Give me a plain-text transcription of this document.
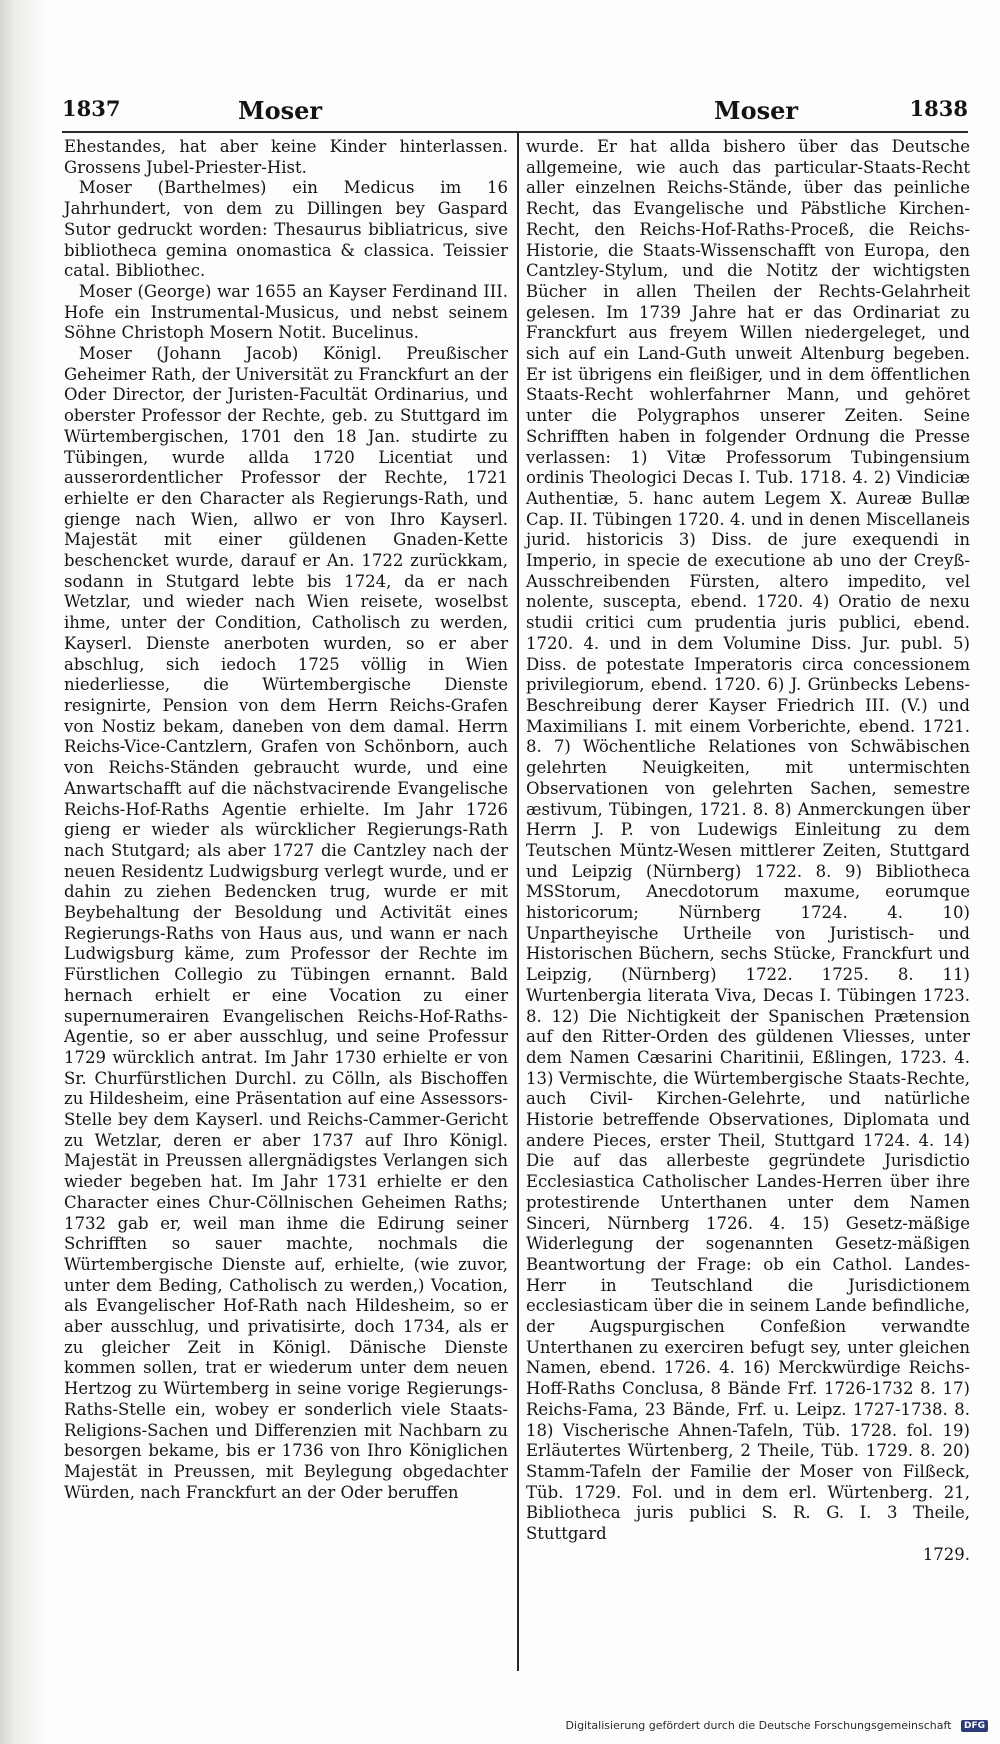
1837	Moser	Moser	1838

Ehestandes, hat aber keine Kinder hinterlassen. Grossens Jubel-Priester-Hist.

Moser (Barthelmes) ein Medicus im 16 Jahrhundert, von dem zu Dillingen bey Gaspard Sutor gedruckt worden: Thesaurus bibliatricus, sive bibliotheca gemina onomastica & classica. Teissier catal. Bibliothec.

Moser (George) war 1655 an Kayser Ferdinand III. Hofe ein Instrumental-Musicus, und nebst seinem Söhne Christoph Mosern Notit. Bucelinus.

Moser (Johann Jacob) Königl. Preußischer Geheimer Rath, der Universität zu Franckfurt an der Oder Director, der Juristen-Facultät Ordinarius, und oberster Professor der Rechte, geb. zu Stuttgard im Würtembergischen, 1701 den 18 Jan. studirte zu Tübingen, wurde allda 1720 Licentiat und ausserordentlicher Professor der Rechte, 1721 erhielte er den Character als Regierungs-Rath, und gienge nach Wien, allwo er von Ihro Kayserl. Majestät mit einer güldenen Gnaden-Kette beschencket wurde, darauf er An. 1722 zurückkam, sodann in Stutgard lebte bis 1724, da er nach Wetzlar, und wieder nach Wien reisete, woselbst ihme, unter der Condition, Catholisch zu werden, Kayserl. Dienste anerboten wurden, so er aber abschlug, sich iedoch 1725 völlig in Wien niederliesse, die Würtembergische Dienste resignirte, Pension von dem Herrn Reichs-Grafen von Nostiz bekam, daneben von dem damal. Herrn Reichs-Vice-Cantzlern, Grafen von Schönborn, auch von Reichs-Ständen gebraucht wurde, und eine Anwartschafft auf die nächstvacirende Evangelische Reichs-Hof-Raths Agentie erhielte. Im Jahr 1726 gieng er wieder als würcklicher Regierungs-Rath nach Stutgard; als aber 1727 die Cantzley nach der neuen Residentz Ludwigsburg verlegt wurde, und er dahin zu ziehen Bedencken trug, wurde er mit Beybehaltung der Besoldung und Activität eines Regierungs-Raths von Haus aus, und wann er nach Ludwigsburg käme, zum Professor der Rechte im Fürstlichen Collegio zu Tübingen ernannt. Bald hernach erhielt er eine Vocation zu einer supernumerairen Evangelischen Reichs-Hof-Raths-Agentie, so er aber ausschlug, und seine Professur 1729 würcklich antrat. Im Jahr 1730 erhielte er von Sr. Churfürstlichen Durchl. zu Cölln, als Bischoffen zu Hildesheim, eine Präsentation auf eine Assessors-Stelle bey dem Kayserl. und Reichs-Cammer-Gericht zu Wetzlar, deren er aber 1737 auf Ihro Königl. Majestät in Preussen allergnädigstes Verlangen sich wieder begeben hat. Im Jahr 1731 erhielte er den Character eines Chur-Cöllnischen Geheimen Raths; 1732 gab er, weil man ihme die Edirung seiner Schrifften so sauer machte, nochmals die Würtembergische Dienste auf, erhielte, (wie zuvor, unter dem Beding, Catholisch zu werden,) Vocation, als Evangelischer Hof-Rath nach Hildesheim, so er aber ausschlug, und privatisirte, doch 1734, als er zu gleicher Zeit in Königl. Dänische Dienste kommen sollen, trat er wiederum unter dem neuen Hertzog zu Würtemberg in seine vorige Regierungs-Raths-Stelle ein, wobey er sonderlich viele Staats-Religions-Sachen und Differenzien mit Nachbarn zu besorgen bekame, bis er 1736 von Ihro Königlichen Majestät in Preussen, mit Beylegung obgedachter Würden, nach Franckfurt an der Oder beruffen

wurde. Er hat allda bishero über das Deutsche allgemeine, wie auch das particular-Staats-Recht aller einzelnen Reichs-Stände, über das peinliche Recht, das Evangelische und Päbstliche Kirchen-Recht, den Reichs-Hof-Raths-Proceß, die Reichs-Historie, die Staats-Wissenschafft von Europa, den Cantzley-Stylum, und die Notitz der wichtigsten Bücher in allen Theilen der Rechts-Gelahrheit gelesen. Im 1739 Jahre hat er das Ordinariat zu Franckfurt aus freyem Willen niedergeleget, und sich auf ein Land-Guth unweit Altenburg begeben. Er ist übrigens ein fleißiger, und in dem öffentlichen Staats-Recht wohlerfahrner Mann, und gehöret unter die Polygraphos unserer Zeiten. Seine Schrifften haben in folgender Ordnung die Presse verlassen: 1) Vitæ Professorum Tubingensium ordinis Theologici Decas I. Tub. 1718. 4. 2) Vindiciæ Authentiæ, 5. hanc autem Legem X. Aureæ Bullæ Cap. II. Tübingen 1720. 4. und in denen Miscellaneis jurid. historicis 3) Diss. de jure exequendi in Imperio, in specie de executione ab uno der Creyß-Ausschreibenden Fürsten, altero impedito, vel nolente, suscepta, ebend. 1720. 4) Oratio de nexu studii critici cum prudentia juris publici, ebend. 1720. 4. und in dem Volumine Diss. Jur. publ. 5) Diss. de potestate Imperatoris circa concessionem privilegiorum, ebend. 1720. 6) J. Grünbecks Lebens-Beschreibung derer Kayser Friedrich III. (V.) und Maximilians I. mit einem Vorberichte, ebend. 1721. 8. 7) Wöchentliche Relationes von Schwäbischen gelehrten Neuigkeiten, mit untermischten Observationen von gelehrten Sachen, semestre æstivum, Tübingen, 1721. 8. 8) Anmerckungen über Herrn J. P. von Ludewigs Einleitung zu dem Teutschen Müntz-Wesen mittlerer Zeiten, Stuttgard und Leipzig (Nürnberg) 1722. 8. 9) Bibliotheca MSStorum, Anecdotorum maxume, eorumque historicorum; Nürnberg 1724. 4. 10) Unpartheyische Urtheile von Juristisch- und Historischen Büchern, sechs Stücke, Franckfurt und Leipzig, (Nürnberg) 1722. 1725. 8. 11) Wurtenbergia literata Viva, Decas I. Tübingen 1723. 8. 12) Die Nichtigkeit der Spanischen Prætension auf den Ritter-Orden des güldenen Vliesses, unter dem Namen Cæsarini Charitinii, Eßlingen, 1723. 4. 13) Vermischte, die Würtembergische Staats-Rechte, auch Civil- Kirchen-Gelehrte, und natürliche Historie betreffende Observationes, Diplomata und andere Pieces, erster Theil, Stuttgard 1724. 4. 14) Die auf das allerbeste gegründete Jurisdictio Ecclesiastica Catholischer Landes-Herren über ihre protestirende Unterthanen unter dem Namen Sinceri, Nürnberg 1726. 4. 15) Gesetz-mäßige Widerlegung der sogenannten Gesetz-mäßigen Beantwortung der Frage: ob ein Cathol. Landes-Herr in Teutschland die Jurisdictionem ecclesiasticam über die in seinem Lande befindliche, der Augspurgischen Confeßion verwandte Unterthanen zu exerciren befugt sey, unter gleichen Namen, ebend. 1726. 4. 16) Merckwürdige Reichs-Hoff-Raths Conclusa, 8 Bände Frf. 1726-1732 8. 17) Reichs-Fama, 23 Bände, Frf. u. Leipz. 1727-1738. 8. 18) Vischerische Ahnen-Tafeln, Tüb. 1728. fol. 19) Erläutertes Würtenberg, 2 Theile, Tüb. 1729. 8. 20) Stamm-Tafeln der Familie der Moser von Filßeck, Tüb. 1729. Fol. und in dem erl. Würtenberg. 21, Bibliotheca juris publici S. R. G. I. 3 Theile, Stuttgard

1729.

Digitalisierung gefördert durch die Deutsche Forschungsgemeinschaft DFG
